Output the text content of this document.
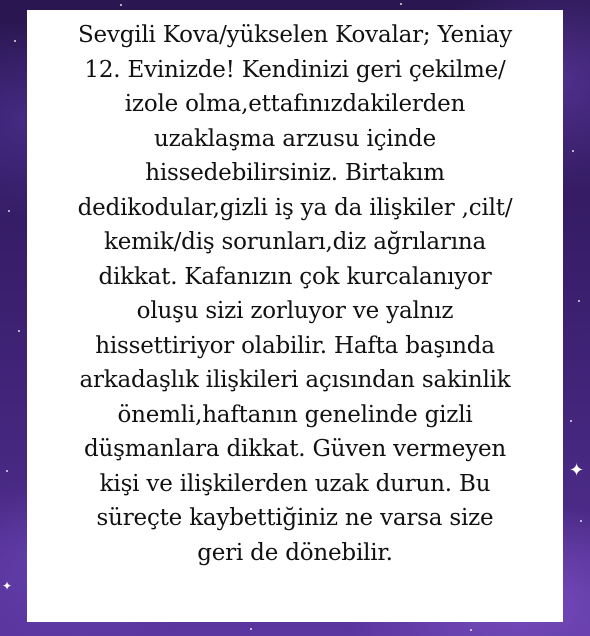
✦
✦

Sevgili Kova/yükselen Kovalar; Yeniay
12. Evinizde! Kendinizi geri çekilme/
izole olma,ettafınızdakilerden
uzaklaşma arzusu içinde
hissedebilirsiniz. Birtakım
dedikodular,gizli iş ya da ilişkiler ,cilt/
kemik/diş sorunları,diz ağrılarına
dikkat. Kafanızın çok kurcalanıyor
oluşu sizi zorluyor ve yalnız
hissettiriyor olabilir. Hafta başında
arkadaşlık ilişkileri açısından sakinlik
önemli,haftanın genelinde gizli
düşmanlara dikkat. Güven vermeyen
kişi ve ilişkilerden uzak durun. Bu
süreçte kaybettiğiniz ne varsa size
geri de dönebilir.
